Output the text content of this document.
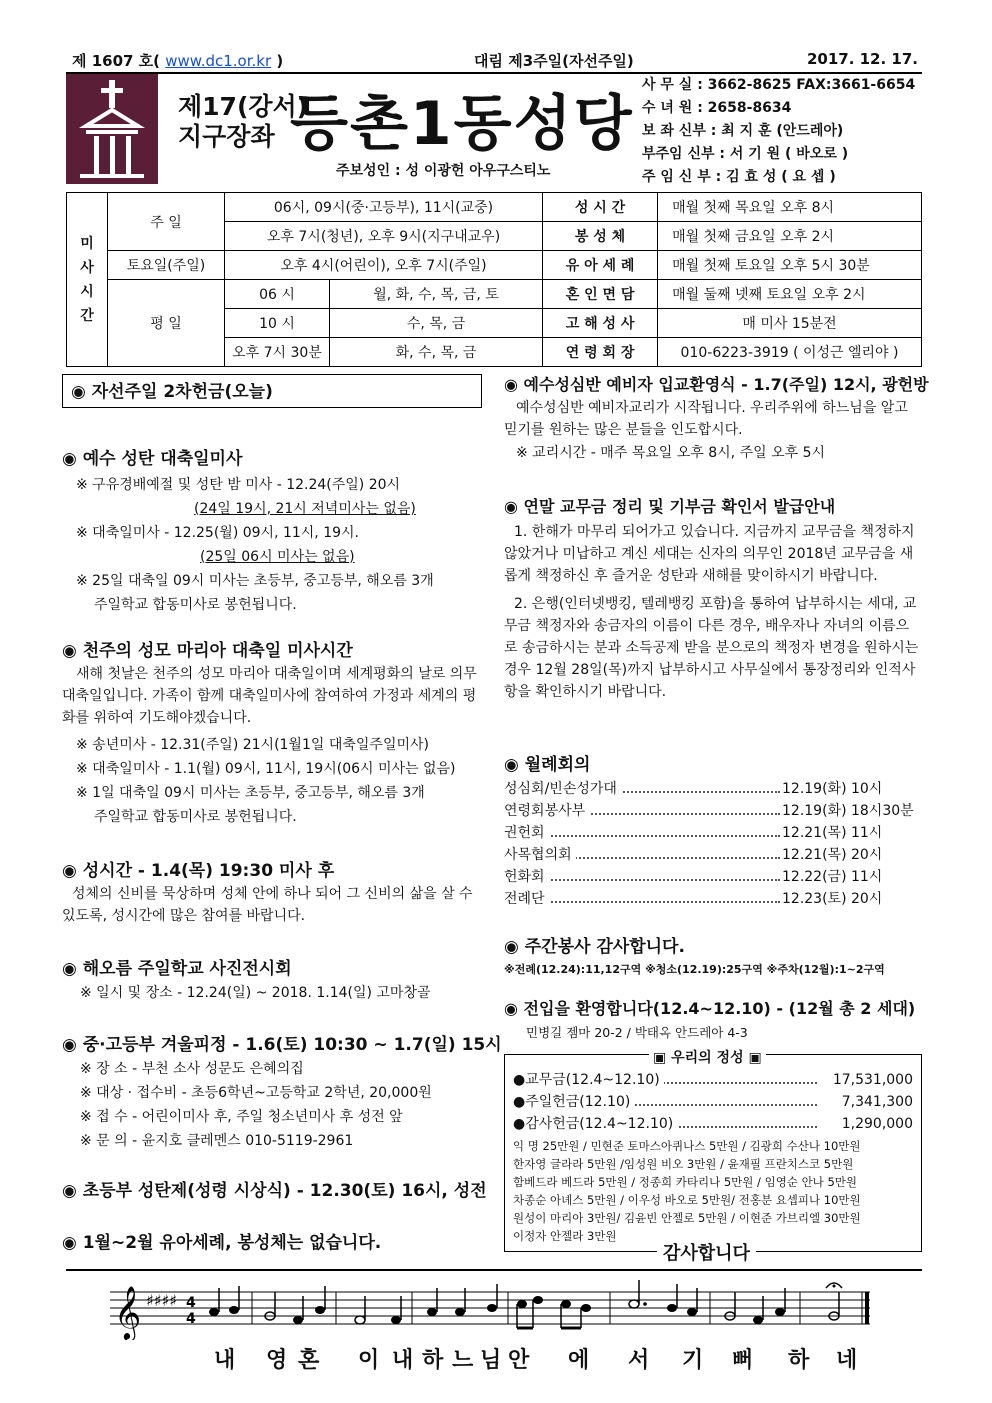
제 1607 호( www.dc1.or.kr )	대림 제3주일(자선주일)	2017. 12. 17.
제17(강서)
지구장좌 등촌1동성당
주보성인 : 성 이광헌 아우구스티노
사 무 실 : 3662-8625 FAX:3661-6654
수 녀 원 : 2658-8634
보 좌 신부 : 최 지 훈 (안드레아)
부주임 신부 : 서 기 원 ( 바오로 )
주 임 신 부 : 김 효 성 ( 요 셉 )
미
사
시
간	주 일	06시, 09시(중·고등부), 11시(교중)		성 시 간	매월 첫째 목요일 오후 8시
		오후 7시(청년), 오후 9시(지구내교우)		봉 성 체	매월 첫째 금요일 오후 2시
	토요일(주일)	오후 4시(어린이), 오후 7시(주일)		유 아 세 례	매월 첫째 토요일 오후 5시 30분
	평 일	06 시	월, 화, 수, 목, 금, 토	혼 인 면 담	매월 둘째 넷째 토요일 오후 2시
		10 시	수, 목, 금	고 해 성 사	매 미사 15분전
		오후 7시 30분	화, 수, 목, 금	연 령 회 장	010-6223-3919 ( 이성근 엘리야 )
◉ 자선주일 2차헌금(오늘)
◉ 예수 성탄 대축일미사
※ 구유경배예절 및 성탄 밤 미사 - 12.24(주일) 20시
(24일 19시, 21시 저녁미사는 없음)
※ 대축일미사 - 12.25(월) 09시, 11시, 19시.
(25일 06시 미사는 없음)
※ 25일 대축일 09시 미사는 초등부, 중고등부, 해오름 3개
주일학교 합동미사로 봉헌됩니다.
◉ 천주의 성모 마리아 대축일 미사시간
새해 첫날은 천주의 성모 마리아 대축일이며 세계평화의 날로 의무대축일입니다. 가족이 함께 대축일미사에 참여하여 가정과 세계의 평화를 위하여 기도해야겠습니다.
※ 송년미사 - 12.31(주일) 21시(1월1일 대축일주일미사)
※ 대축일미사 - 1.1(월) 09시, 11시, 19시(06시 미사는 없음)
※ 1일 대축일 09시 미사는 초등부, 중고등부, 해오름 3개
주일학교 합동미사로 봉헌됩니다.
◉ 성시간 - 1.4(목) 19:30 미사 후
성체의 신비를 묵상하며 성체 안에 하나 되어 그 신비의 삶을 살 수 있도록, 성시간에 많은 참여를 바랍니다.
◉ 해오름 주일학교 사진전시회
※ 일시 및 장소 - 12.24(일) ~ 2018. 1.14(일) 고마창골
◉ 중·고등부 겨울피정 - 1.6(토) 10:30 ~ 1.7(일) 15시
※ 장 소 - 부천 소사 성문도 은혜의집
※ 대상 · 접수비 - 초등6학년~고등학교 2학년, 20,000원
※ 접 수 - 어린이미사 후, 주일 청소년미사 후 성전 앞
※ 문 의 - 윤지호 클레멘스 010-5119-2961
◉ 초등부 성탄제(성령 시상식) - 12.30(토) 16시, 성전
◉ 1월~2월 유아세례, 봉성체는 없습니다.
◉ 예수성심반 예비자 입교환영식 - 1.7(주일) 12시, 광헌방
예수성심반 예비자교리가 시작됩니다. 우리주위에 하느님을 알고 믿기를 원하는 많은 분들을 인도합시다.
※ 교리시간 - 매주 목요일 오후 8시, 주일 오후 5시
◉ 연말 교무금 정리 및 기부금 확인서 발급안내
1. 한해가 마무리 되어가고 있습니다. 지금까지 교무금을 책정하지 않았거나 미납하고 계신 세대는 신자의 의무인 2018년 교무금을 새롭게 책정하신 후 즐거운 성탄과 새해를 맞이하시기 바랍니다.
2. 은행(인터넷뱅킹, 텔레뱅킹 포함)을 통하여 납부하시는 세대, 교무금 책정자와 송금자의 이름이 다른 경우, 배우자나 자녀의 이름으로 송금하시는 분과 소득공제 받을 분으로의 책정자 변경을 원하시는 경우 12월 28일(목)까지 납부하시고 사무실에서 통장정리와 인적사항을 확인하시기 바랍니다.
◉ 월례회의
성심회/빈손성가대	12.19(화) 10시
연령회봉사부	12.19(화) 18시30분
권헌회	12.21(목) 11시
사목협의회	12.21(목) 20시
헌화회	12.22(금) 11시
전례단	12.23(토) 20시
◉ 주간봉사 감사합니다.
※전례(12.24):11,12구역 ※청소(12.19):25구역 ※주차(12월):1~2구역
◉ 전입을 환영합니다(12.4~12.10) - (12월 총 2 세대)
민병길 젬마 20-2 / 박태옥 안드레아 4-3
▣ 우리의 정성 ▣
●교무금(12.4~12.10)	17,531,000
●주일헌금(12.10)	7,341,300
●감사헌금(12.4~12.10)	1,290,000
익 명 25만원 / 민현준 토마스아퀴나스 5만원 / 김광희 수산나 10만원
한자영 글라라 5만원 /임성원 비오 3만원 / 윤재필 프란치스코 5만원
함베드라 베드라 5만원 / 정종희 카타리나 5만원 / 임영순 안나 5만원
차종순 아녜스 5만원 / 이우성 바오로 5만원/ 전홍분 요셉피나 10만원
원성이 마리아 3만원/ 김윤빈 안젤로 5만원 / 이현준 가브리엘 30만원
이정자 안젤라 3만원
감사합니다
𝄞 ♯♯♯♯ 4
4
내 영 혼 이 내 하 느 님 안 에 서 기 뻐 하 네
